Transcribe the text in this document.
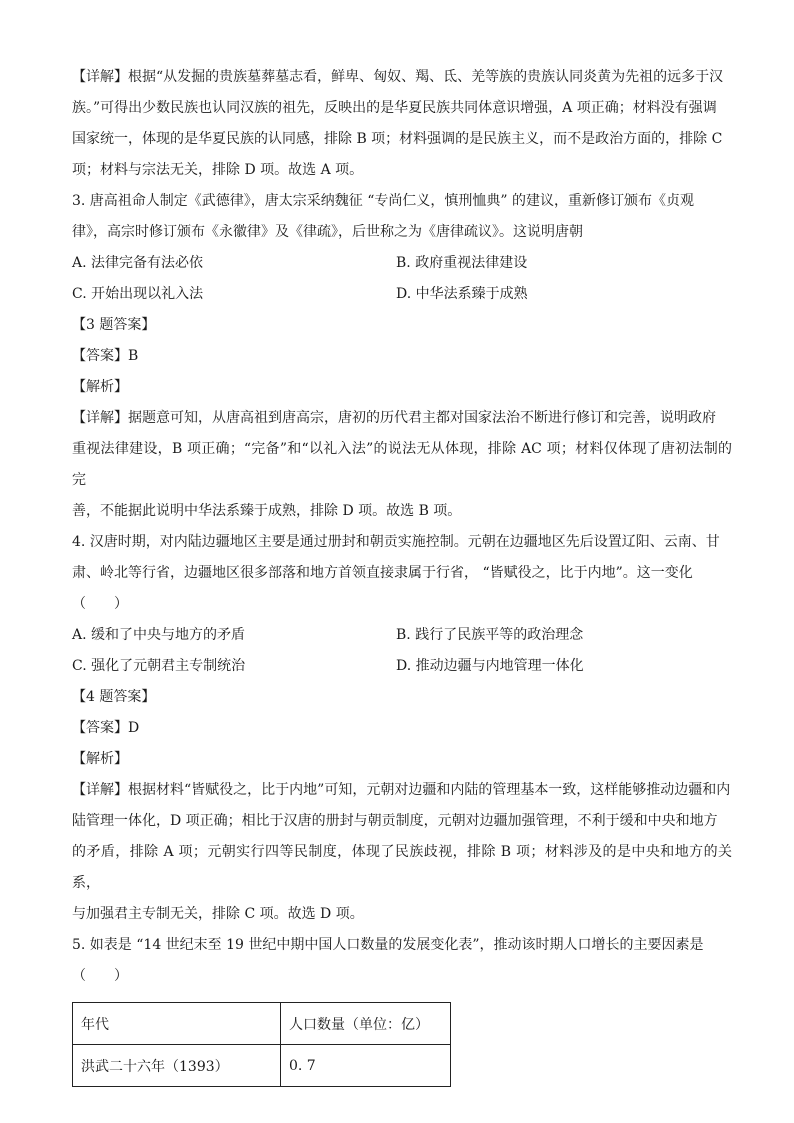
【详解】根据“从发掘的贵族墓葬墓志看，鲜卑、匈奴、羯、氐、羌等族的贵族认同炎黄为先祖的远多于汉

族。”可得出少数民族也认同汉族的祖先，反映出的是华夏民族共同体意识增强，A 项正确；材料没有强调

国家统一，体现的是华夏民族的认同感，排除 B 项；材料强调的是民族主义，而不是政治方面的，排除 C

项；材料与宗法无关，排除 D 项。故选 A 项。

3. 唐高祖命人制定《武德律》，唐太宗采纳魏征 “专尚仁义，慎刑恤典” 的建议，重新修订颁布《贞观

律》，高宗时修订颁布《永徽律》及《律疏》，后世称之为《唐律疏议》。这说明唐朝

A. 法律完备有法必依	B. 政府重视法律建设
C. 开始出现以礼入法	D. 中华法系臻于成熟

【3 题答案】

【答案】B

【解析】

【详解】据题意可知，从唐高祖到唐高宗，唐初的历代君主都对国家法治不断进行修订和完善，说明政府

重视法律建设，B 项正确；“完备”和“以礼入法”的说法无从体现，排除 AC 项；材料仅体现了唐初法制的完

善，不能据此说明中华法系臻于成熟，排除 D 项。故选 B 项。

4. 汉唐时期，对内陆边疆地区主要是通过册封和朝贡实施控制。元朝在边疆地区先后设置辽阳、云南、甘

肃、岭北等行省，边疆地区很多部落和地方首领直接隶属于行省， “皆赋役之，比于内地”。这一变化

（　　）

A. 缓和了中央与地方的矛盾	B. 践行了民族平等的政治理念
C. 强化了元朝君主专制统治	D. 推动边疆与内地管理一体化

【4 题答案】

【答案】D

【解析】

【详解】根据材料“皆赋役之，比于内地”可知，元朝对边疆和内陆的管理基本一致，这样能够推动边疆和内

陆管理一体化，D 项正确；相比于汉唐的册封与朝贡制度，元朝对边疆加强管理，不利于缓和中央和地方

的矛盾，排除 A 项；元朝实行四等民制度，体现了民族歧视，排除 B 项；材料涉及的是中央和地方的关系，

与加强君主专制无关，排除 C 项。故选 D 项。

5. 如表是 “14 世纪末至 19 世纪中期中国人口数量的发展变化表”，推动该时期人口增长的主要因素是

（　　）

年代	人口数量（单位：亿）
洪武二十六年（1393）	0. 7
